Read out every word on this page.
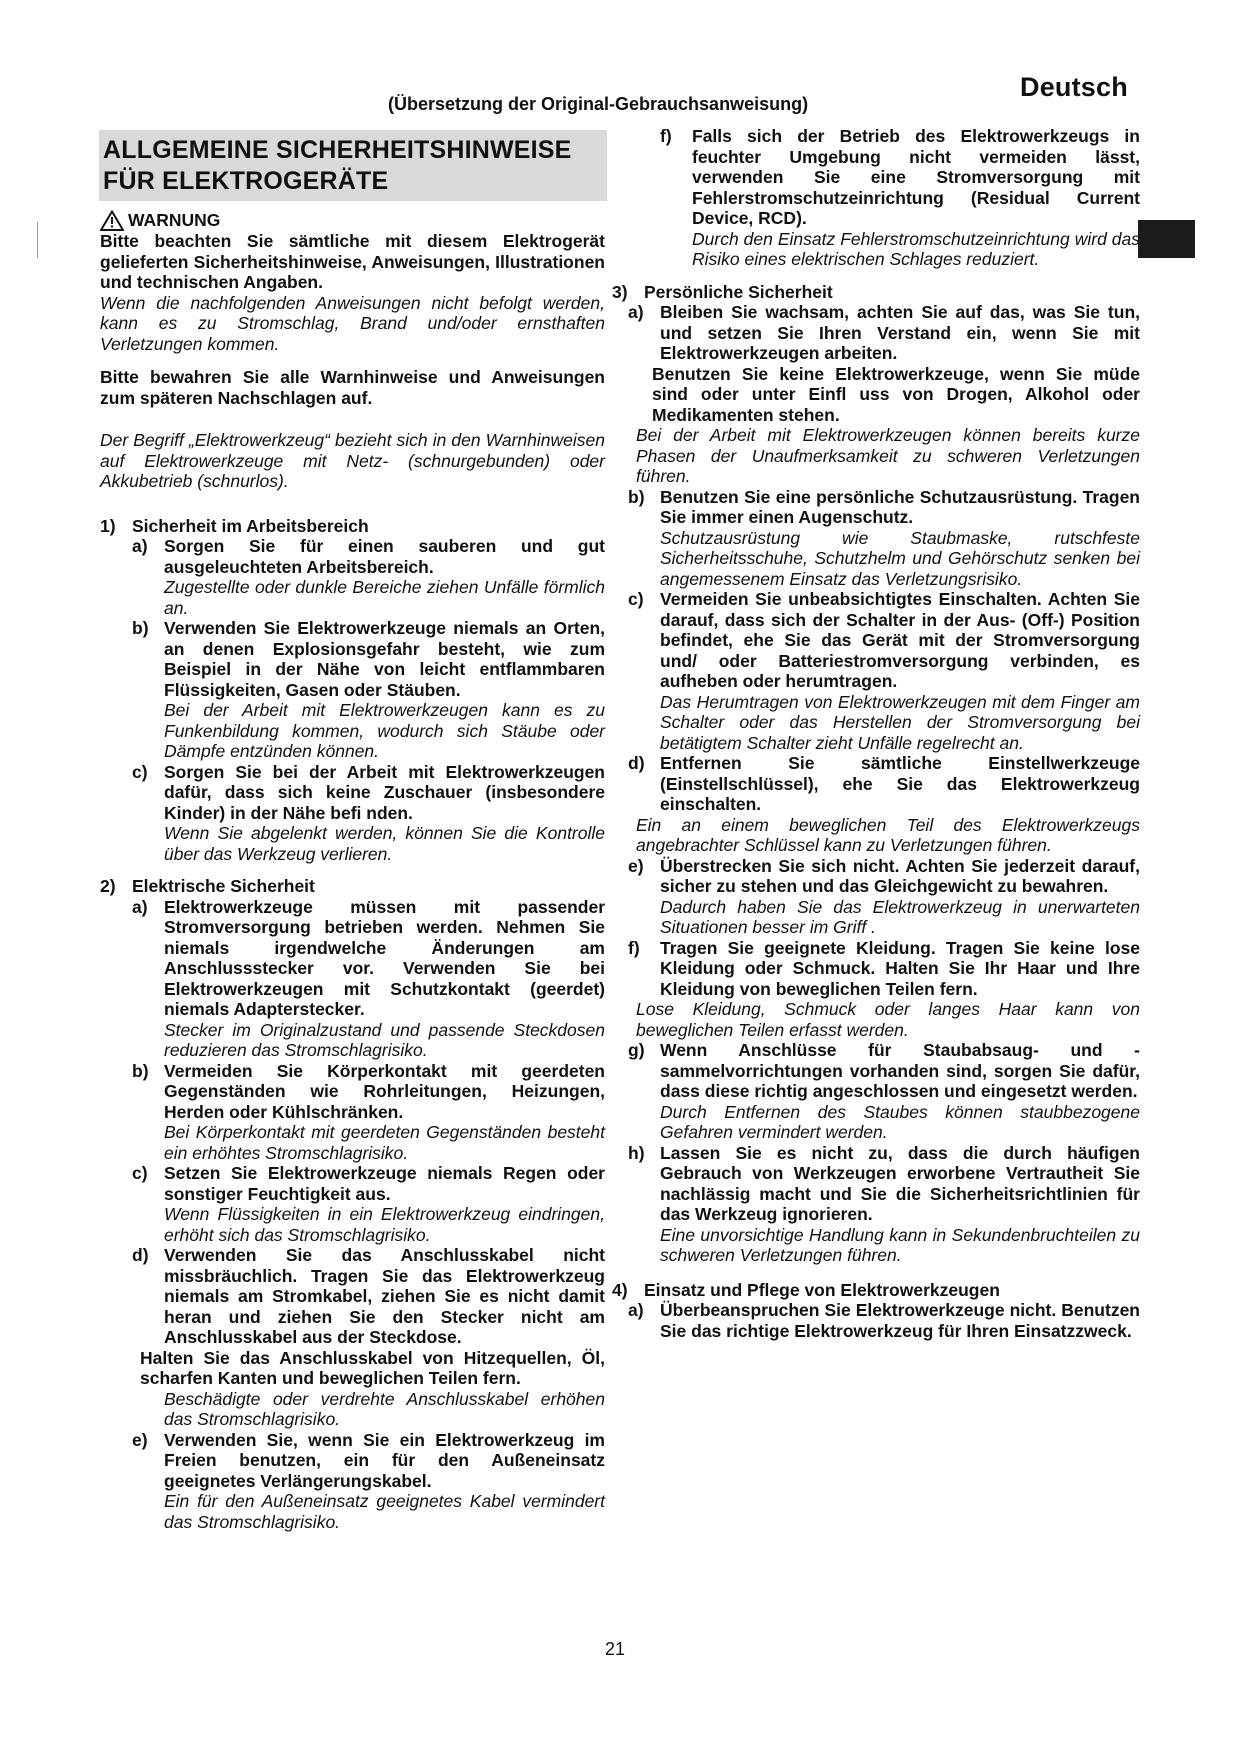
Deutsch
(Übersetzung der Original-Gebrauchsanweisung)
ALLGEMEINE SICHERHEITSHINWEISE FÜR ELEKTROGERÄTE
WARNUNG

Bitte beachten Sie sämtliche mit diesem Elektrogerät gelieferten Sicherheitshinweise, Anweisungen, Illustrationen und technischen Angaben.

Wenn die nachfolgenden Anweisungen nicht befolgt werden, kann es zu Stromschlag, Brand und/oder ernsthaften Verletzungen kommen.

Bitte bewahren Sie alle Warnhinweise und Anweisungen zum späteren Nachschlagen auf.

Der Begriff „Elektrowerkzeug“ bezieht sich in den Warnhinweisen auf Elektrowerkzeuge mit Netz- (schnurgebunden) oder Akkubetrieb (schnurlos).

1) Sicherheit im Arbeitsbereich
a) Sorgen Sie für einen sauberen und gut ausgeleuchteten Arbeitsbereich.

Zugestellte oder dunkle Bereiche ziehen Unfälle förmlich an.

b) Verwenden Sie Elektrowerkzeuge niemals an Orten, an denen Explosionsgefahr besteht, wie zum Beispiel in der Nähe von leicht entflammbaren Flüssigkeiten, Gasen oder Stäuben.

Bei der Arbeit mit Elektrowerkzeugen kann es zu Funkenbildung kommen, wodurch sich Stäube oder Dämpfe entzünden können.

c) Sorgen Sie bei der Arbeit mit Elektrowerkzeugen dafür, dass sich keine Zuschauer (insbesondere Kinder) in der Nähe befi nden.

Wenn Sie abgelenkt werden, können Sie die Kontrolle über das Werkzeug verlieren.

2) Elektrische Sicherheit
a) Elektrowerkzeuge müssen mit passender Stromversorgung betrieben werden. Nehmen Sie niemals irgendwelche Änderungen am Anschlussstecker vor. Verwenden Sie bei Elektrowerkzeugen mit Schutzkontakt (geerdet) niemals Adapterstecker.

Stecker im Originalzustand und passende Steckdosen reduzieren das Stromschlagrisiko.

b) Vermeiden Sie Körperkontakt mit geerdeten Gegenständen wie Rohrleitungen, Heizungen, Herden oder Kühlschränken.

Bei Körperkontakt mit geerdeten Gegenständen besteht ein erhöhtes Stromschlagrisiko.

c) Setzen Sie Elektrowerkzeuge niemals Regen oder sonstiger Feuchtigkeit aus.

Wenn Flüssigkeiten in ein Elektrowerkzeug eindringen, erhöht sich das Stromschlagrisiko.

d) Verwenden Sie das Anschlusskabel nicht missbräuchlich. Tragen Sie das Elektrowerkzeug niemals am Stromkabel, ziehen Sie es nicht damit heran und ziehen Sie den Stecker nicht am Anschlusskabel aus der Steckdose.

Halten Sie das Anschlusskabel von Hitzequellen, Öl, scharfen Kanten und beweglichen Teilen fern.

Beschädigte oder verdrehte Anschlusskabel erhöhen das Stromschlagrisiko.

e) Verwenden Sie, wenn Sie ein Elektrowerkzeug im Freien benutzen, ein für den Außeneinsatz geeignetes Verlängerungskabel.

Ein für den Außeneinsatz geeignetes Kabel vermindert das Stromschlagrisiko.

f)	Falls sich der Betrieb des Elektrowerkzeugs in feuchter Umgebung nicht vermeiden lässt, verwenden Sie eine Stromversorgung mit Fehlerstromschutzeinrichtung (Residual Current Device, RCD).

Durch den Einsatz Fehlerstromschutzeinrichtung wird das Risiko eines elektrischen Schlages reduziert.

3) Persönliche Sicherheit
a) Bleiben Sie wachsam, achten Sie auf das, was Sie tun, und setzen Sie Ihren Verstand ein, wenn Sie mit Elektrowerkzeugen arbeiten.

Benutzen Sie keine Elektrowerkzeuge, wenn Sie müde sind oder unter Einfl uss von Drogen, Alkohol oder Medikamenten stehen.

Bei der Arbeit mit Elektrowerkzeugen können bereits kurze Phasen der Unaufmerksamkeit zu schweren Verletzungen führen.

b) Benutzen Sie eine persönliche Schutzausrüstung. Tragen Sie immer einen Augenschutz.

Schutzausrüstung wie Staubmaske, rutschfeste Sicherheitsschuhe, Schutzhelm und Gehörschutz senken bei angemessenem Einsatz das Verletzungsrisiko.

c) Vermeiden Sie unbeabsichtigtes Einschalten. Achten Sie darauf, dass sich der Schalter in der Aus- (Off-) Position befindet, ehe Sie das Gerät mit der Stromversorgung und/ oder Batteriestromversorgung verbinden, es aufheben oder herumtragen.

Das Herumtragen von Elektrowerkzeugen mit dem Finger am Schalter oder das Herstellen der Stromversorgung bei betätigtem Schalter zieht Unfälle regelrecht an.

d) Entfernen Sie sämtliche Einstellwerkzeuge (Einstellschlüssel), ehe Sie das Elektrowerkzeug einschalten.

Ein an einem beweglichen Teil des Elektrowerkzeugs angebrachter Schlüssel kann zu Verletzungen führen.

e) Überstrecken Sie sich nicht. Achten Sie jederzeit darauf, sicher zu stehen und das Gleichgewicht zu bewahren.

Dadurch haben Sie das Elektrowerkzeug in unerwarteten Situationen besser im Griff .

f)	Tragen Sie geeignete Kleidung. Tragen Sie keine lose Kleidung oder Schmuck. Halten Sie Ihr Haar und Ihre Kleidung von beweglichen Teilen fern.

Lose Kleidung, Schmuck oder langes Haar kann von beweglichen Teilen erfasst werden.

g) Wenn Anschlüsse für Staubabsaug- und -sammelvorrichtungen vorhanden sind, sorgen Sie dafür, dass diese richtig angeschlossen und eingesetzt werden.

Durch Entfernen des Staubes können staubbezogene Gefahren vermindert werden.

h) Lassen Sie es nicht zu, dass die durch häufigen Gebrauch von Werkzeugen erworbene Vertrautheit Sie nachlässig macht und Sie die Sicherheitsrichtlinien für das Werkzeug ignorieren.

Eine unvorsichtige Handlung kann in Sekundenbruchteilen zu schweren Verletzungen führen.

4) Einsatz und Pflege von Elektrowerkzeugen
a) Überbeanspruchen Sie Elektrowerkzeuge nicht. Benutzen Sie das richtige Elektrowerkzeug für Ihren Einsatzzweck.

21
